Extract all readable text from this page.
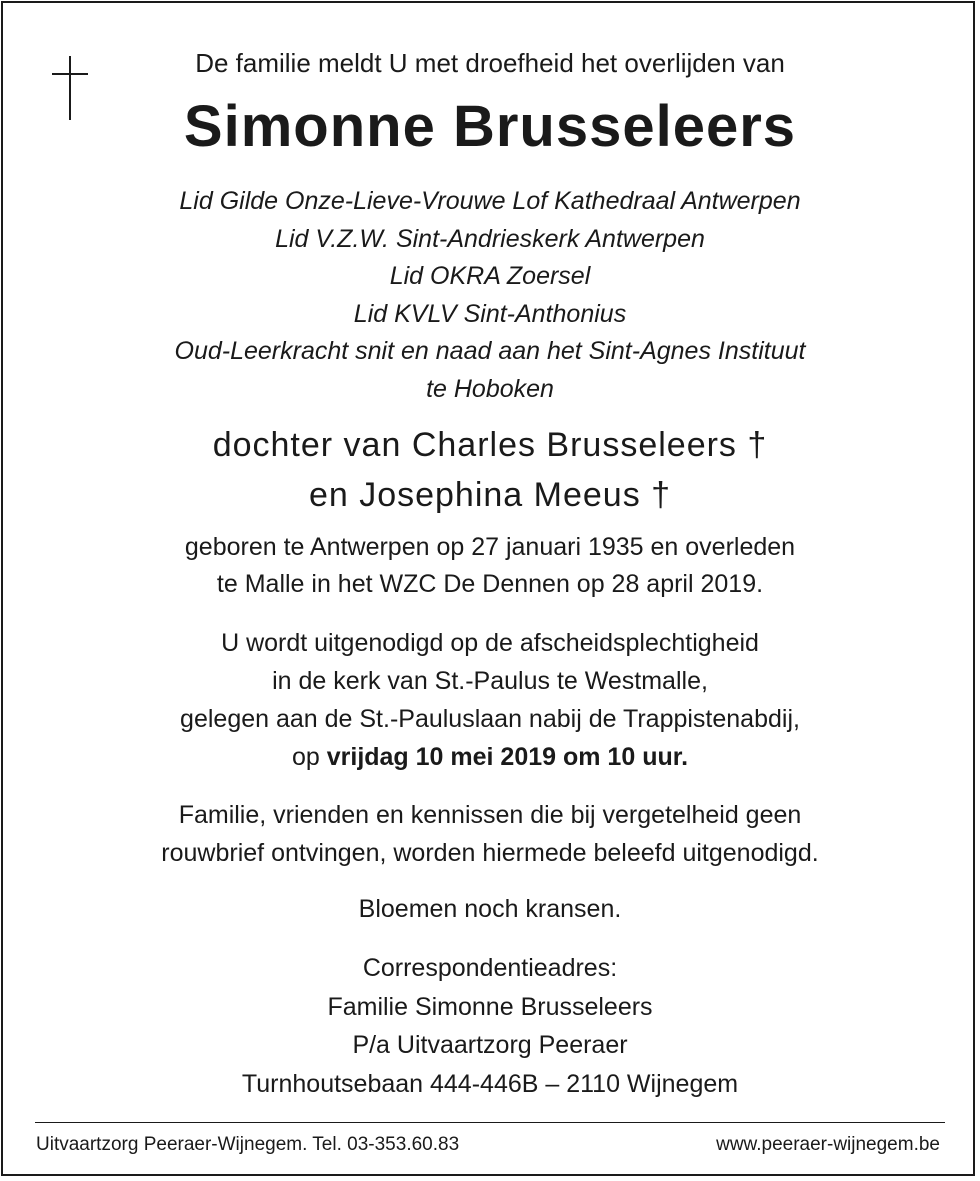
De familie meldt U met droefheid het overlijden van
Simonne Brusseleers
Lid Gilde Onze-Lieve-Vrouwe Lof Kathedraal Antwerpen
Lid V.Z.W. Sint-Andrieskerk Antwerpen
Lid OKRA Zoersel
Lid KVLV Sint-Anthonius
Oud-Leerkracht snit en naad aan het Sint-Agnes Instituut
te Hoboken
dochter van Charles Brusseleers †
en Josephina Meeus †
geboren te Antwerpen op 27 januari 1935 en overleden
te Malle in het WZC De Dennen op 28 april 2019.
U wordt uitgenodigd op de afscheidsplechtigheid
in de kerk van St.-Paulus te Westmalle,
gelegen aan de St.-Pauluslaan nabij de Trappistenabdij,
op vrijdag 10 mei 2019 om 10 uur.
Familie, vrienden en kennissen die bij vergetelheid geen
rouwbrief ontvingen, worden hiermede beleefd uitgenodigd.
Bloemen noch kransen.
Correspondentieadres:
Familie Simonne Brusseleers
P/a Uitvaartzorg Peeraer
Turnhoutsebaan 444-446B – 2110 Wijnegem
Uitvaartzorg Peeraer-Wijnegem. Tel. 03-353.60.83	www.peeraer-wijnegem.be
